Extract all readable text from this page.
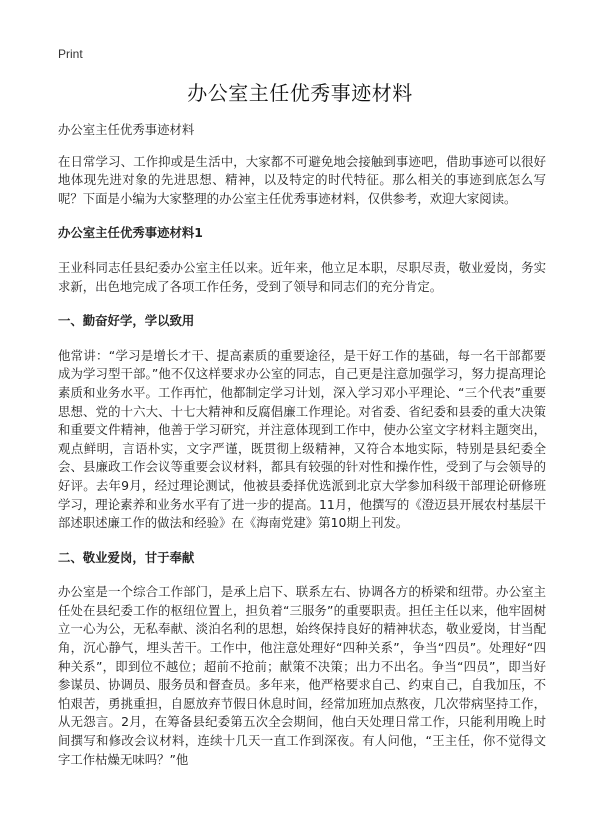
Print
办公室主任优秀事迹材料

办公室主任优秀事迹材料

在日常学习、工作抑或是生活中，大家都不可避免地会接触到事迹吧，借助事迹可以很好地体现先进对象的先进思想、精神，以及特定的时代特征。那么相关的事迹到底怎么写呢？下面是小编为大家整理的办公室主任优秀事迹材料，仅供参考，欢迎大家阅读。

办公室主任优秀事迹材料1

王业科同志任县纪委办公室主任以来。近年来，他立足本职，尽职尽责，敬业爱岗，务实求新，出色地完成了各项工作任务，受到了领导和同志们的充分肯定。

一、勤奋好学，学以致用

他常讲：“学习是增长才干、提高素质的重要途径，是干好工作的基础，每一名干部都要成为学习型干部。”他不仅这样要求办公室的同志，自己更是注意加强学习，努力提高理论素质和业务水平。工作再忙，他都制定学习计划，深入学习邓小平理论、“三个代表”重要思想、党的十六大、十七大精神和反腐倡廉工作理论。对省委、省纪委和县委的重大决策和重要文件精神，他善于学习研究，并注意体现到工作中，使办公室文字材料主题突出，观点鲜明，言语朴实，文字严谨，既贯彻上级精神，又符合本地实际，特别是县纪委全会、县廉政工作会议等重要会议材料，都具有较强的针对性和操作性，受到了与会领导的好评。去年9月，经过理论测试，他被县委择优选派到北京大学参加科级干部理论研修班学习，理论素养和业务水平有了进一步的提高。11月，他撰写的《澄迈县开展农村基层干部述职述廉工作的做法和经验》在《海南党建》第10期上刊发。

二、敬业爱岗，甘于奉献

办公室是一个综合工作部门，是承上启下、联系左右、协调各方的桥梁和纽带。办公室主任处在县纪委工作的枢纽位置上，担负着“三服务”的重要职责。担任主任以来，他牢固树立一心为公，无私奉献、淡泊名利的思想，始终保持良好的精神状态，敬业爱岗，甘当配角，沉心静气，埋头苦干。工作中，他注意处理好“四种关系”，争当“四员”。处理好“四种关系”，即到位不越位；超前不抢前；献策不决策；出力不出名。争当“四员”，即当好参谋员、协调员、服务员和督查员。多年来，他严格要求自己、约束自己，自我加压，不怕艰苦，勇挑重担，自愿放弃节假日休息时间，经常加班加点熬夜，几次带病坚持工作，从无怨言。2月，在筹备县纪委第五次全会期间，他白天处理日常工作，只能利用晚上时间撰写和修改会议材料，连续十几天一直工作到深夜。有人问他，“王主任，你不觉得文字工作枯燥无味吗？”他
